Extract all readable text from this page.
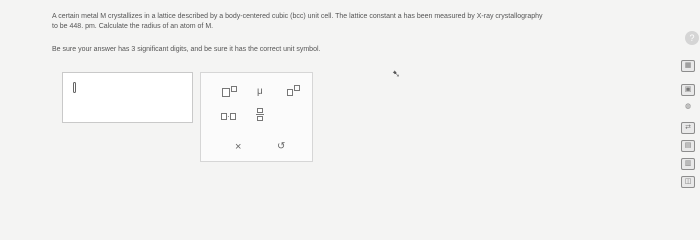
A certain metal M crystallizes in a lattice described by a body-centered cubic (bcc) unit cell. The lattice constant a has been measured by X-ray crystallography

to be 448. pm. Calculate the radius of an atom of M.

Be sure your answer has 3 significant digits, and be sure it has the correct unit symbol.

μ
·
×	↺
➷
?
▦
▣
◍
⇄
▤
▥
◫
